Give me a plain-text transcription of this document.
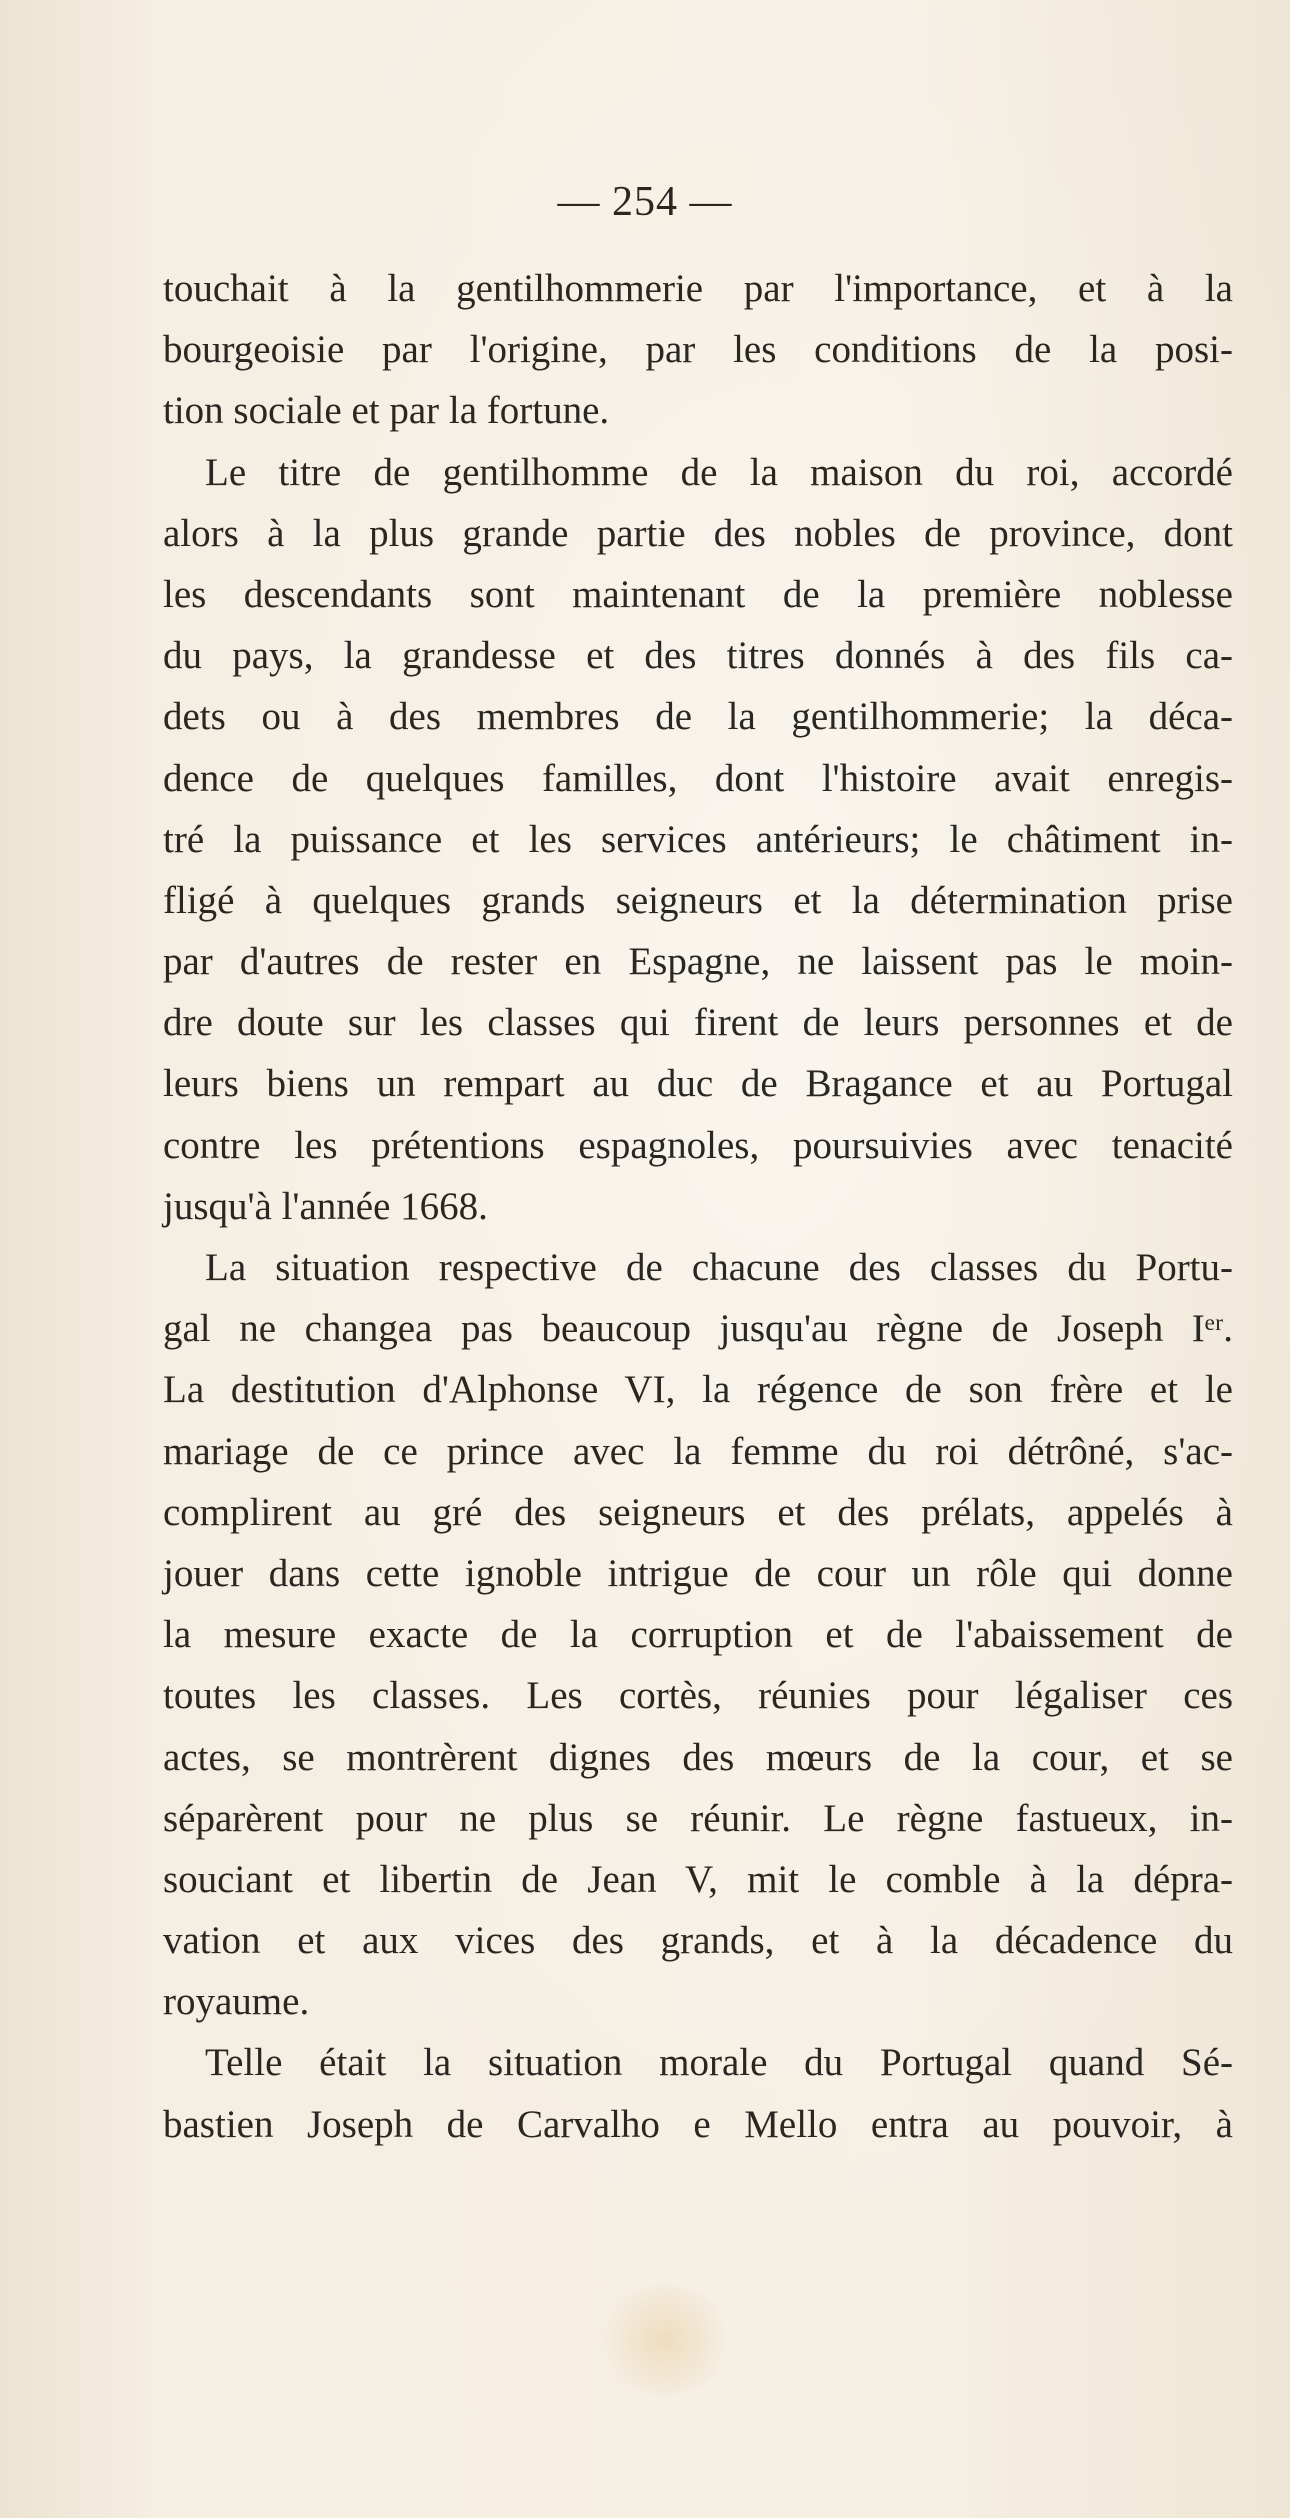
— 254 —
touchait à la gentilhommerie par l'importance, et à la
bourgeoisie par l'origine, par les conditions de la posi-
tion sociale et par la fortune.
Le titre de gentilhomme de la maison du roi, accordé
alors à la plus grande partie des nobles de province, dont
les descendants sont maintenant de la première noblesse
du pays, la grandesse et des titres donnés à des fils ca-
dets ou à des membres de la gentilhommerie; la déca-
dence de quelques familles, dont l'histoire avait enregis-
tré la puissance et les services antérieurs; le châtiment in-
fligé à quelques grands seigneurs et la détermination prise
par d'autres de rester en Espagne, ne laissent pas le moin-
dre doute sur les classes qui firent de leurs personnes et de
leurs biens un rempart au duc de Bragance et au Portugal
contre les prétentions espagnoles, poursuivies avec tenacité
jusqu'à l'année 1668.
La situation respective de chacune des classes du Portu-
gal ne changea pas beaucoup jusqu'au règne de Joseph Iᵉʳ.
La destitution d'Alphonse VI, la régence de son frère et le
mariage de ce prince avec la femme du roi détrôné, s'ac-
complirent au gré des seigneurs et des prélats, appelés à
jouer dans cette ignoble intrigue de cour un rôle qui donne
la mesure exacte de la corruption et de l'abaissement de
toutes les classes. Les cortès, réunies pour légaliser ces
actes, se montrèrent dignes des mœurs de la cour, et se
séparèrent pour ne plus se réunir. Le règne fastueux, in-
souciant et libertin de Jean V, mit le comble à la dépra-
vation et aux vices des grands, et à la décadence du
royaume.
Telle était la situation morale du Portugal quand Sé-
bastien Joseph de Carvalho e Mello entra au pouvoir, à
